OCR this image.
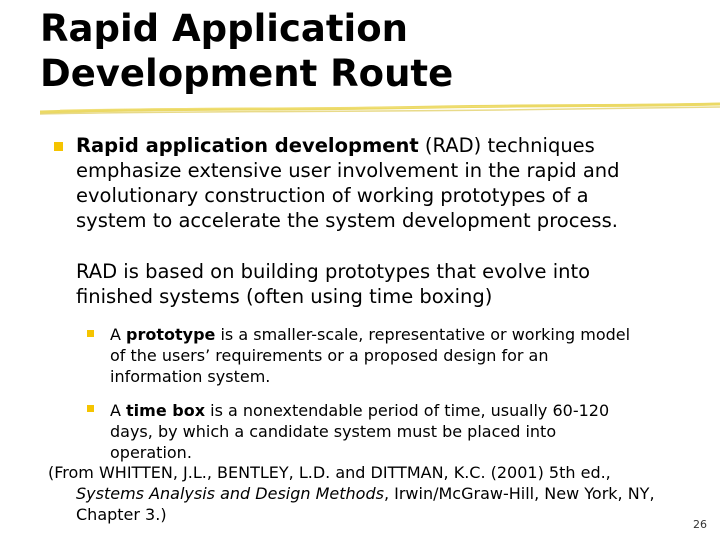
Rapid Application
Development Route
Rapid application development (RAD) techniques
emphasize extensive user involvement in the rapid and
evolutionary construction of working prototypes of a
system to accelerate the system development process.
RAD is based on building prototypes that evolve into
finished systems (often using time boxing)
A prototype is a smaller-scale, representative or working model
of the users’ requirements or a proposed design for an
information system.
A time box is a nonextendable period of time, usually 60-120
days, by which a candidate system must be placed into
operation.
(From WHITTEN, J.L., BENTLEY, L.D. and DITTMAN, K.C. (2001) 5th ed.,
Systems Analysis and Design Methods, Irwin/McGraw-Hill, New York, NY,
Chapter 3.)
26
